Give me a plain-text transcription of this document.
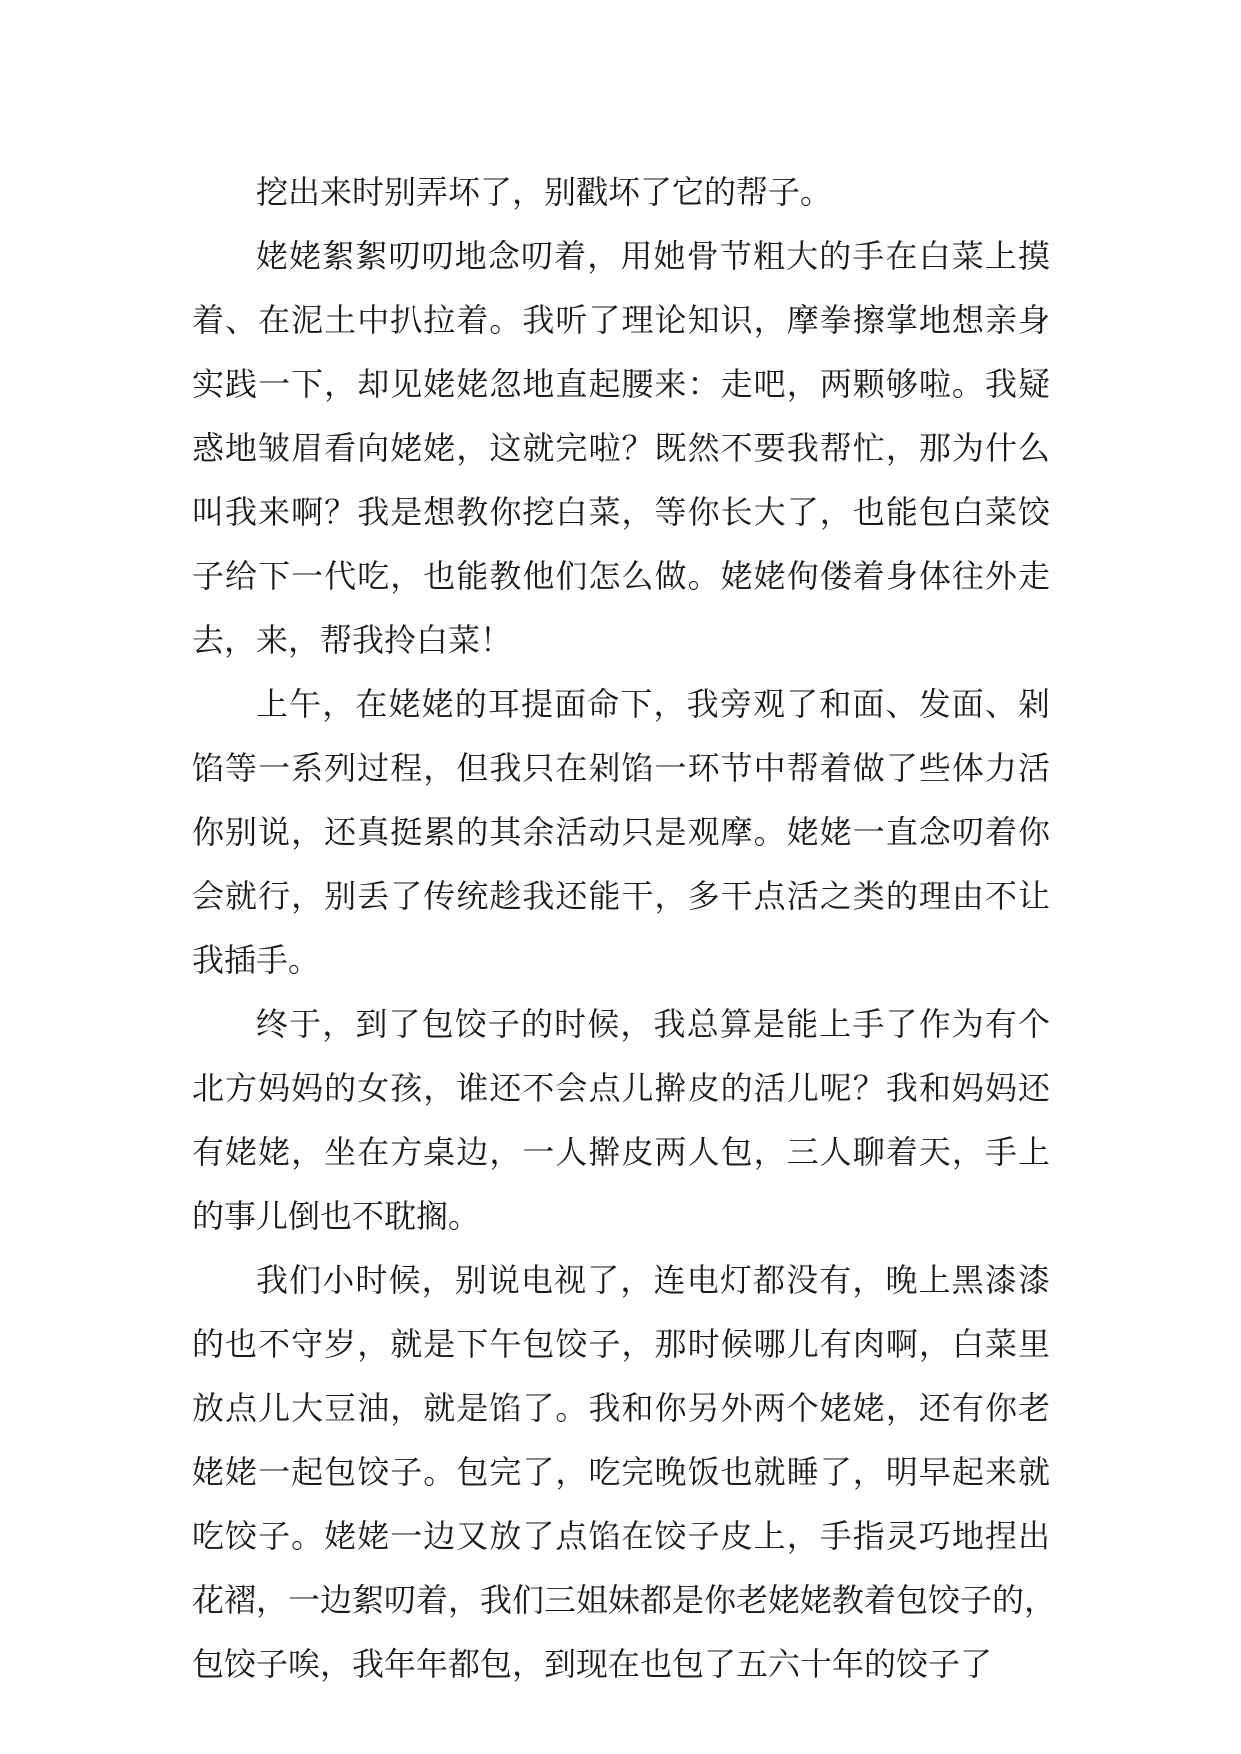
挖出来时别弄坏了，别戳坏了它的帮子。
姥姥絮絮叨叨地念叨着，用她骨节粗大的手在白菜上摸
着、在泥土中扒拉着。我听了理论知识，摩拳擦掌地想亲身
实践一下，却见姥姥忽地直起腰来：走吧，两颗够啦。我疑
惑地皱眉看向姥姥，这就完啦？既然不要我帮忙，那为什么
叫我来啊？我是想教你挖白菜，等你长大了，也能包白菜饺
子给下一代吃，也能教他们怎么做。姥姥佝偻着身体往外走
去，来，帮我拎白菜！
上午，在姥姥的耳提面命下，我旁观了和面、发面、剁
馅等一系列过程，但我只在剁馅一环节中帮着做了些体力活
你别说，还真挺累的其余活动只是观摩。姥姥一直念叨着你
会就行，别丢了传统趁我还能干，多干点活之类的理由不让
我插手。
终于，到了包饺子的时候，我总算是能上手了作为有个
北方妈妈的女孩，谁还不会点儿擀皮的活儿呢？我和妈妈还
有姥姥，坐在方桌边，一人擀皮两人包，三人聊着天，手上
的事儿倒也不耽搁。
我们小时候，别说电视了，连电灯都没有，晚上黑漆漆
的也不守岁，就是下午包饺子，那时候哪儿有肉啊，白菜里
放点儿大豆油，就是馅了。我和你另外两个姥姥，还有你老
姥姥一起包饺子。包完了，吃完晚饭也就睡了，明早起来就
吃饺子。姥姥一边又放了点馅在饺子皮上，手指灵巧地捏出
花褶，一边絮叨着，我们三姐妹都是你老姥姥教着包饺子的，
包饺子唉，我年年都包，到现在也包了五六十年的饺子了
